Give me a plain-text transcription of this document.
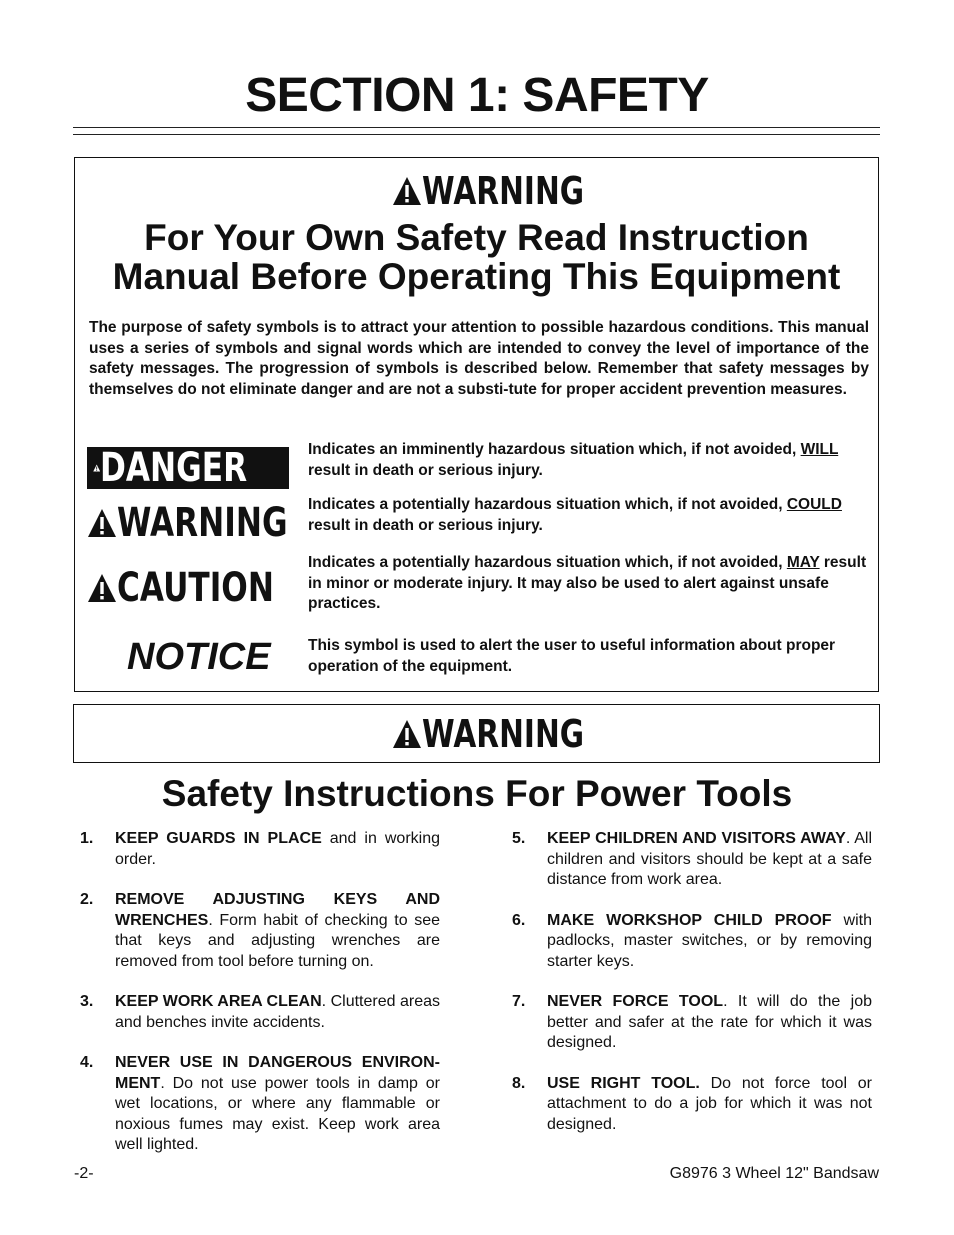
SECTION 1: SAFETY
WARNING
For Your Own Safety Read Instruction
Manual Before Operating This Equipment

The purpose of safety symbols is to attract your attention to possible hazardous conditions. This manual uses a series of symbols and signal words which are intended to convey the level of importance of the safety messages. The progression of symbols is described below. Remember that safety messages by themselves do not eliminate danger and are not a substi-tute for proper accident prevention measures.

DANGER	Indicates an imminently hazardous situation which, if not avoided, WILL result in death or serious injury.

WARNING Indicates a potentially hazardous situation which, if not avoided, COULD result in death or serious injury.

CAUTION

Indicates a potentially hazardous situation which, if not avoided, MAY result in minor or moderate injury. It may also be used to alert against unsafe practices.

NOTICE This symbol is used to alert the user to useful information about proper operation of the equipment.

WARNING
Safety Instructions For Power Tools

1. KEEP GUARDS IN PLACE and in working order.

2. REMOVE ADJUSTING KEYS AND WRENCHES. Form habit of checking to see that keys and adjusting wrenches are removed from tool before turning on.

3. KEEP WORK AREA CLEAN. Cluttered areas and benches invite accidents.

4. NEVER USE IN DANGEROUS ENVIRON-MENT. Do not use power tools in damp or wet locations, or where any flammable or noxious fumes may exist. Keep work area well lighted.

5. KEEP CHILDREN AND VISITORS AWAY. All children and visitors should be kept at a safe distance from work area.

6. MAKE WORKSHOP CHILD PROOF with padlocks, master switches, or by removing starter keys.

7. NEVER FORCE TOOL. It will do the job better and safer at the rate for which it was designed.

8. USE RIGHT TOOL. Do not force tool or attachment to do a job for which it was not designed.

-2-	G8976 3 Wheel 12" Bandsaw
